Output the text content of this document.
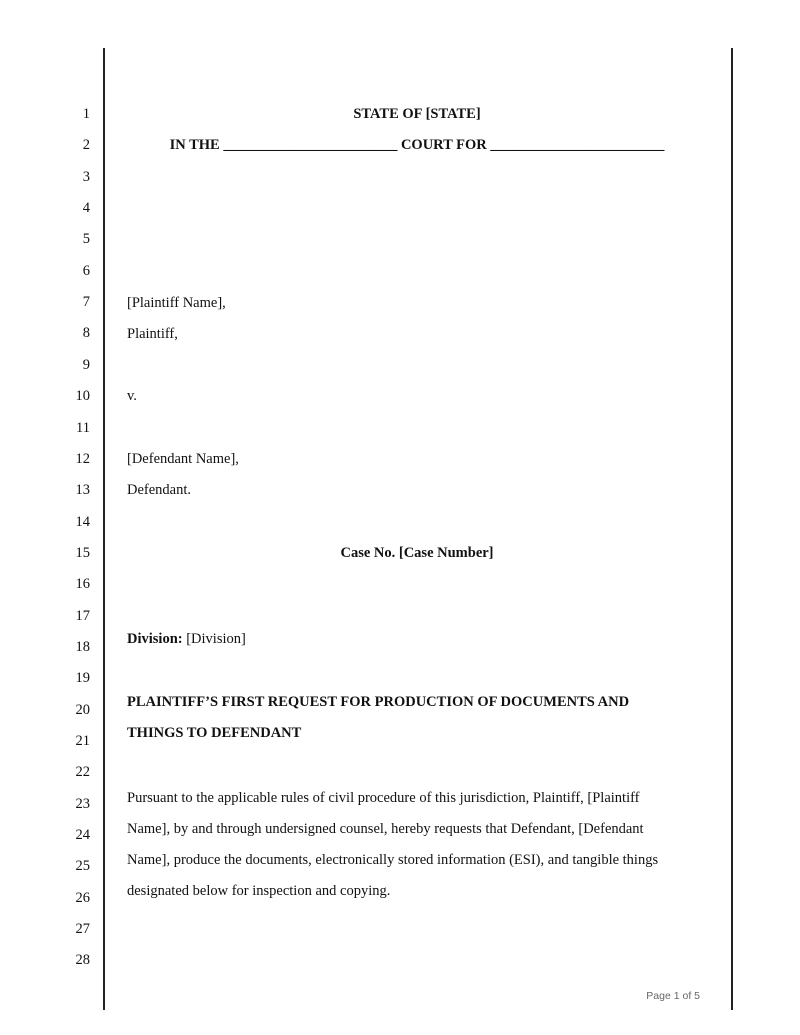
1
2
3
4
5
6
7
8
9
10
11
12
13
14
15
16
17
18
19
20
21
22
23
24
25
26
27
28
STATE OF [STATE]
IN THE ________________________ COURT FOR ________________________
[Plaintiff Name],
Plaintiff,
v.
[Defendant Name],
Defendant.
Case No. [Case Number]
Division: [Division]
PLAINTIFF’S FIRST REQUEST FOR PRODUCTION OF DOCUMENTS AND
THINGS TO DEFENDANT
Pursuant to the applicable rules of civil procedure of this jurisdiction, Plaintiff, [Plaintiff
Name], by and through undersigned counsel, hereby requests that Defendant, [Defendant
Name], produce the documents, electronically stored information (ESI), and tangible things
designated below for inspection and copying.
Page 1 of 5
